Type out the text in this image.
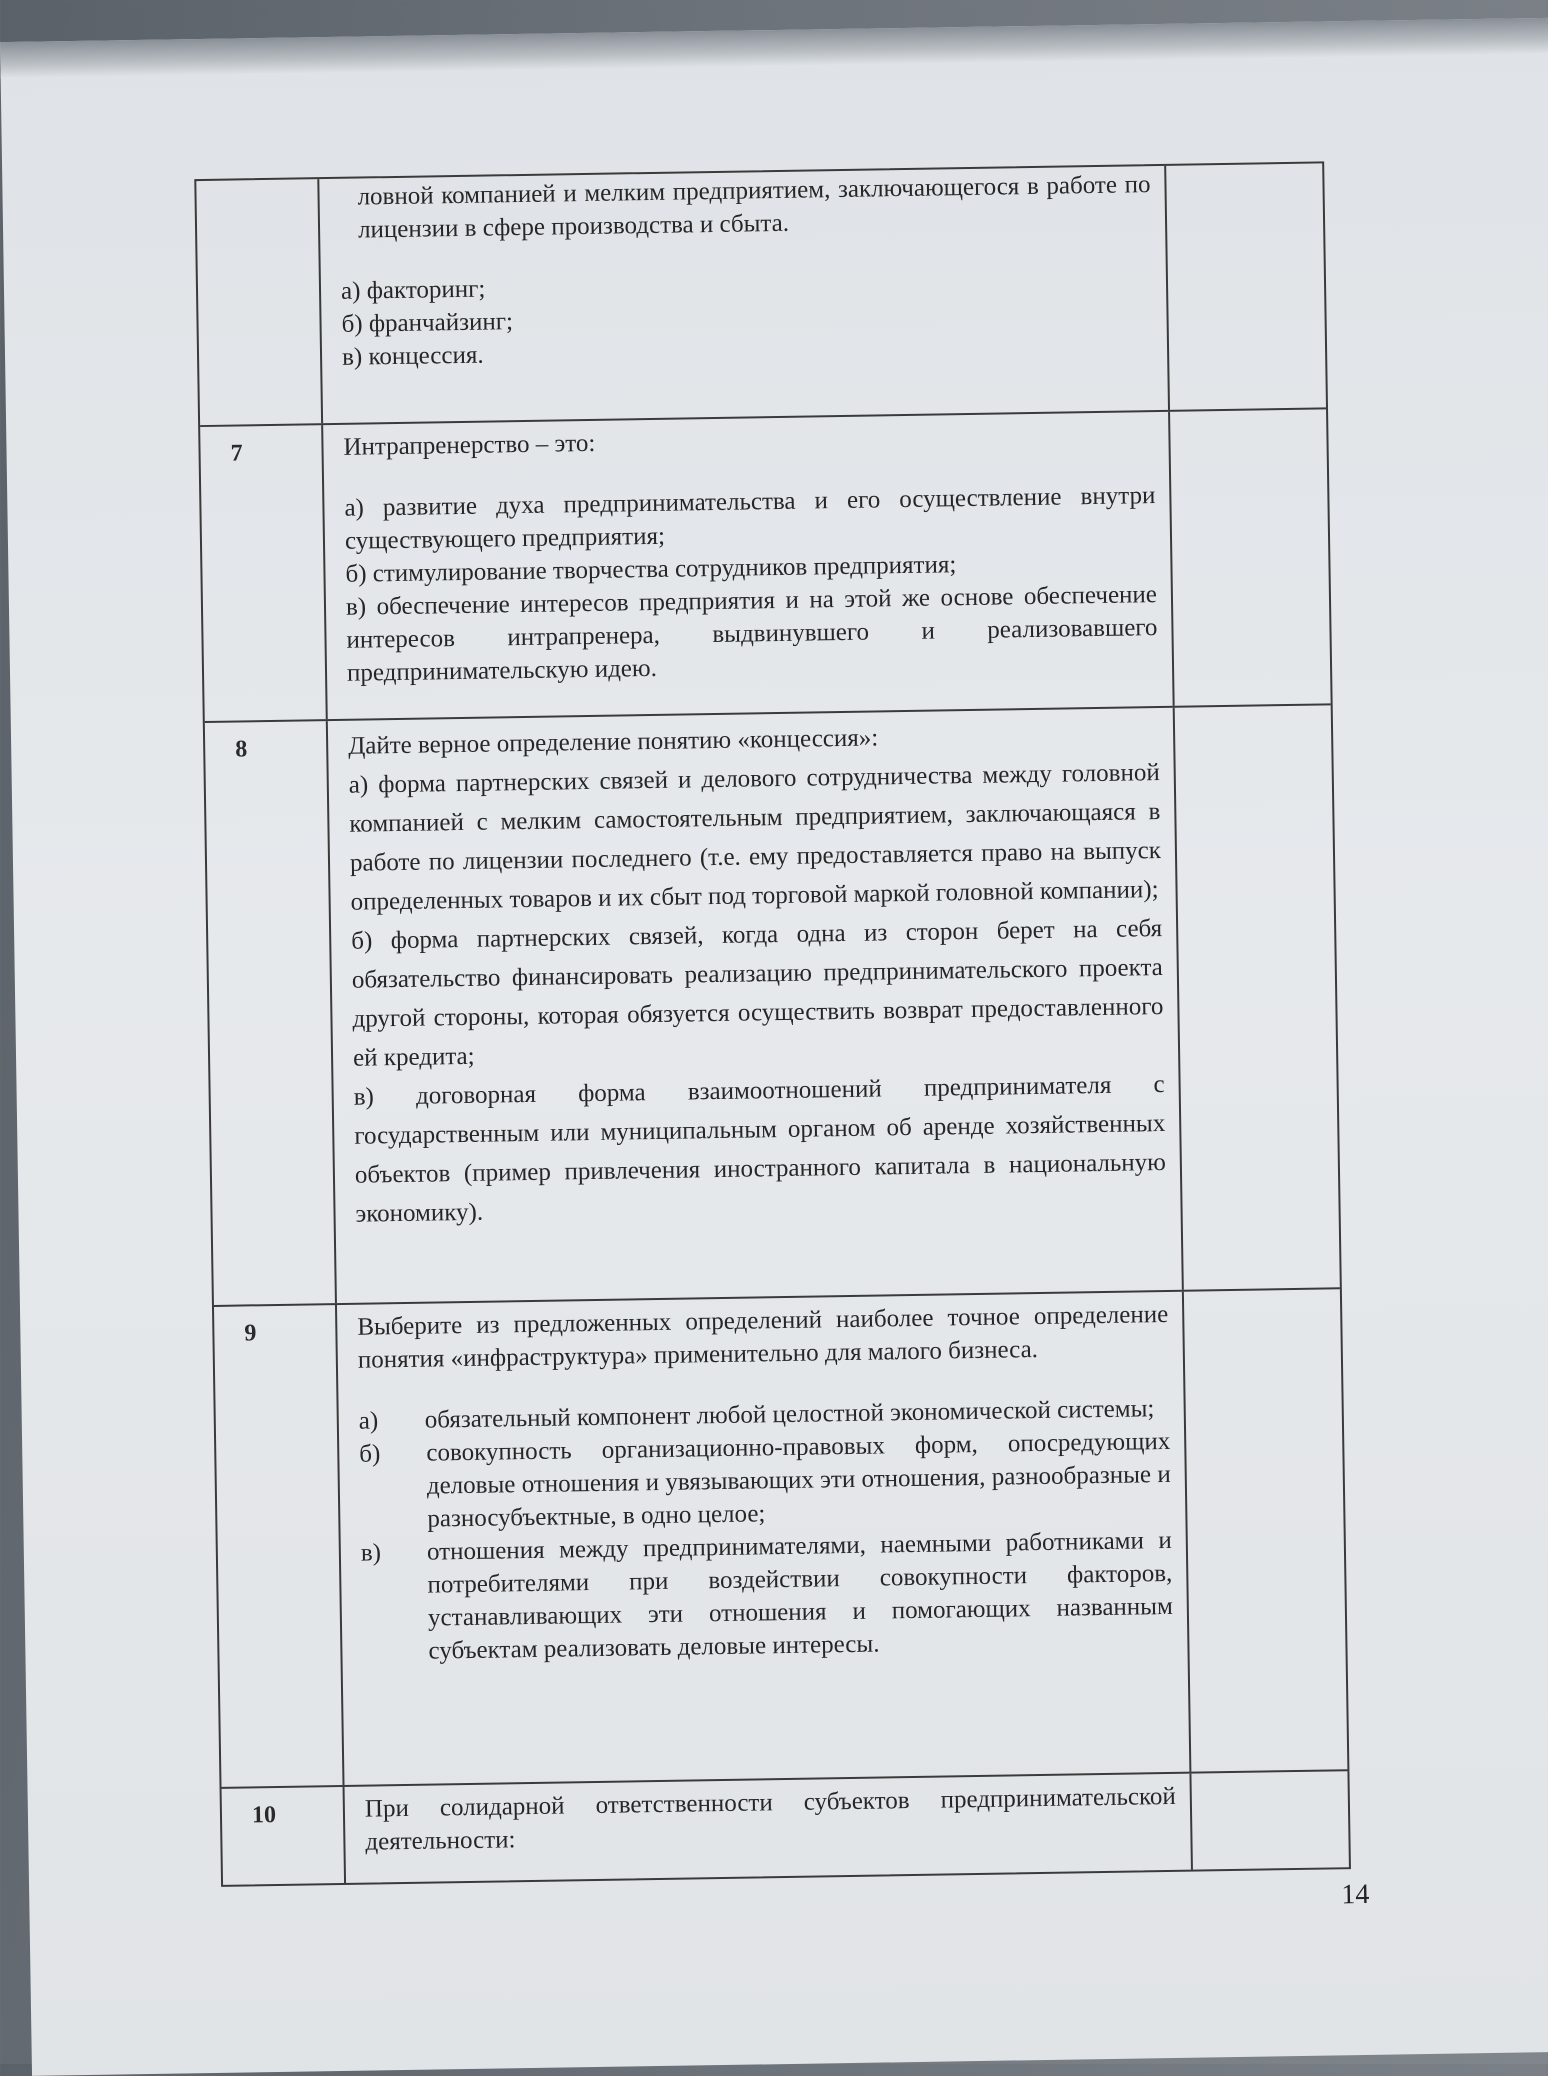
ловной компанией и мелким предприятием, заключающегося в работе по лицензии в сфере производства и сбыта.

а) факторинг;

б) франчайзинг;

в) концессия.

7	Интрапренерство – это:

а) развитие духа предпринимательства и его осуществление внутри существующего предприятия;

б) стимулирование творчества сотрудников предприятия;

в) обеспечение интересов предприятия и на этой же основе обеспечение интересов интрапренера, выдвинувшего и реализовавшего предпринимательскую идею.

8	Дайте верное определение понятию «концессия»:

а) форма партнерских связей и делового сотрудничества между головной компанией с мелким самостоятельным предприятием, заключающаяся в работе по лицензии последнего (т.е. ему предоставляется право на выпуск определенных товаров и их сбыт под торговой маркой головной компании);

б) форма партнерских связей, когда одна из сторон берет на себя обязательство финансировать реализацию предпринимательского проекта другой стороны, которая обязуется осуществить возврат предоставленного ей кредита;

в) договорная форма взаимоотношений предпринимателя с государственным или муниципальным органом об аренде хозяйственных объектов (пример привлечения иностранного капитала в национальную экономику).

9	Выберите из предложенных определений наиболее точное определение понятия «инфраструктура» применительно для малого бизнеса.

а) обязательный компонент любой целостной экономической системы;
б) совокупность организационно-правовых форм, опосредующих деловые отношения и увязывающих эти отношения, разнообразные и разносубъектные, в одно целое;
в) отношения между предпринимателями, наемными работниками и потребителями при воздействии совокупности факторов, устанавливающих эти отношения и помогающих названным субъектам реализовать деловые интересы.
10	При солидарной ответственности субъектов предпринимательской деятельности:

14
